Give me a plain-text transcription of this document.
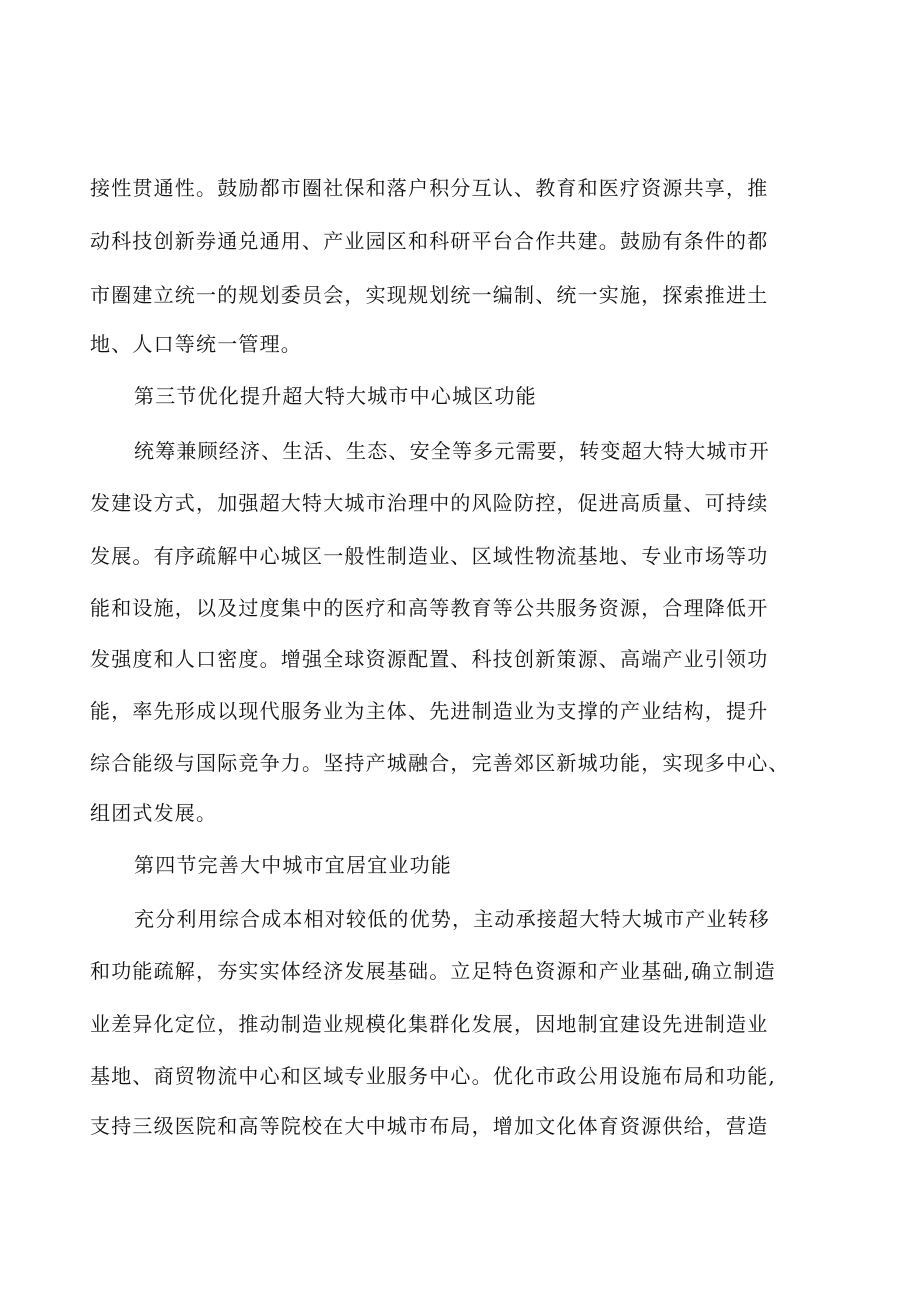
接性贯通性。鼓励都市圈社保和落户积分互认、教育和医疗资源共享，推
动科技创新券通兑通用、产业园区和科研平台合作共建。鼓励有条件的都
市圈建立统一的规划委员会，实现规划统一编制、统一实施，探索推进土
地、人口等统一管理。
第三节优化提升超大特大城市中心城区功能
统筹兼顾经济、生活、生态、安全等多元需要，转变超大特大城市开
发建设方式，加强超大特大城市治理中的风险防控，促进高质量、可持续
发展。有序疏解中心城区一般性制造业、区域性物流基地、专业市场等功
能和设施，以及过度集中的医疗和高等教育等公共服务资源，合理降低开
发强度和人口密度。增强全球资源配置、科技创新策源、高端产业引领功
能，率先形成以现代服务业为主体、先进制造业为支撑的产业结构，提升
综合能级与国际竞争力。坚持产城融合，完善郊区新城功能，实现多中心、
组团式发展。
第四节完善大中城市宜居宜业功能
充分利用综合成本相对较低的优势，主动承接超大特大城市产业转移
和功能疏解，夯实实体经济发展基础。立足特色资源和产业基础,确立制造
业差异化定位，推动制造业规模化集群化发展，因地制宜建设先进制造业
基地、商贸物流中心和区域专业服务中心。优化市政公用设施布局和功能,
支持三级医院和高等院校在大中城市布局，增加文化体育资源供给，营造
